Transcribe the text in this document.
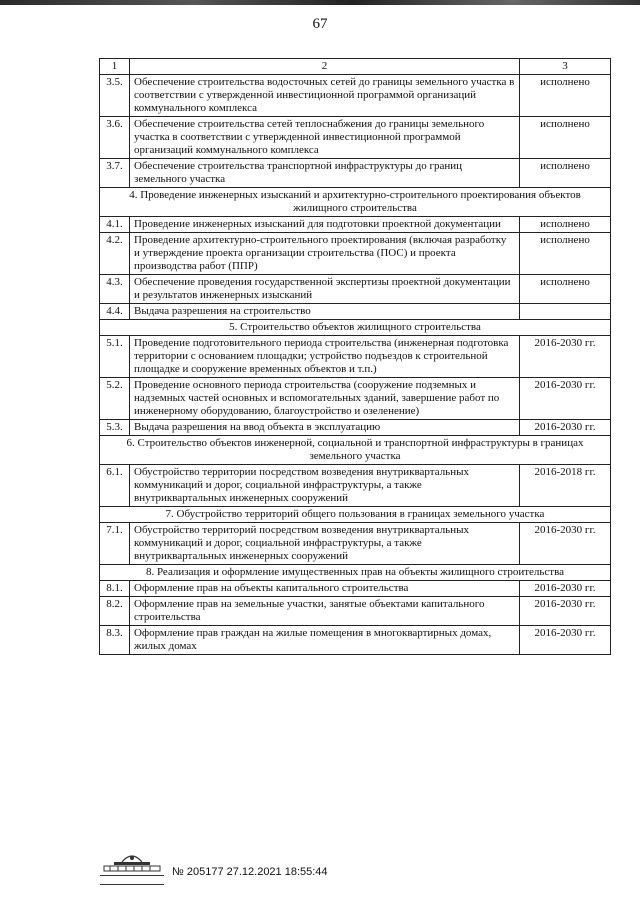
67
1	2	3
3.5.	Обеспечение строительства водосточных сетей до границы земельного участка в соответствии с утвержденной инвестиционной программой организаций коммунального комплекса	исполнено
3.6.	Обеспечение строительства сетей теплоснабжения до границы земельного участка в соответствии с утвержденной инвестиционной программой организаций коммунального комплекса	исполнено
3.7.	Обеспечение строительства транспортной инфраструктуры до границ земельного участка	исполнено
4. Проведение инженерных изысканий и архитектурно-строительного проектирования объектов жилищного строительства		
4.1.	Проведение инженерных изысканий для подготовки проектной документации	исполнено
4.2.	Проведение архитектурно-строительного проектирования (включая разработку и утверждение проекта организации строительства (ПОС) и проекта производства работ (ППР)	исполнено
4.3.	Обеспечение проведения государственной экспертизы проектной документации и результатов инженерных изысканий	исполнено
4.4.	Выдача разрешения на строительство	
5. Строительство объектов жилищного строительства		
5.1.	Проведение подготовительного периода строительства (инженерная подготовка территории с основанием площадки; устройство подъездов к строительной площадке и сооружение временных объектов и т.п.)	2016-2030 гг.
5.2.	Проведение основного периода строительства (сооружение подземных и надземных частей основных и вспомогательных зданий, завершение работ по инженерному оборудованию, благоустройство и озеленение)	2016-2030 гг.
5.3.	Выдача разрешения на ввод объекта в эксплуатацию	2016-2030 гг.
6. Строительство объектов инженерной, социальной и транспортной инфраструктуры в границах земельного участка		
6.1.	Обустройство территории посредством возведения внутриквартальных коммуникаций и дорог, социальной инфраструктуры, а также внутриквартальных инженерных сооружений	2016-2018 гг.
7. Обустройство территорий общего пользования в границах земельного участка		
7.1.	Обустройство территорий посредством возведения внутриквартальных коммуникаций и дорог, социальной инфраструктуры, а также внутриквартальных инженерных сооружений	2016-2030 гг.
8. Реализация и оформление имущественных прав на объекты жилищного строительства		
8.1.	Оформление прав на объекты капитального строительства	2016-2030 гг.
8.2.	Оформление прав на земельные участки, занятые объектами капитального строительства	2016-2030 гг.
8.3.	Оформление прав граждан на жилые помещения в многоквартирных домах, жилых домах	2016-2030 гг.
№ 205177 27.12.2021 18:55:44
